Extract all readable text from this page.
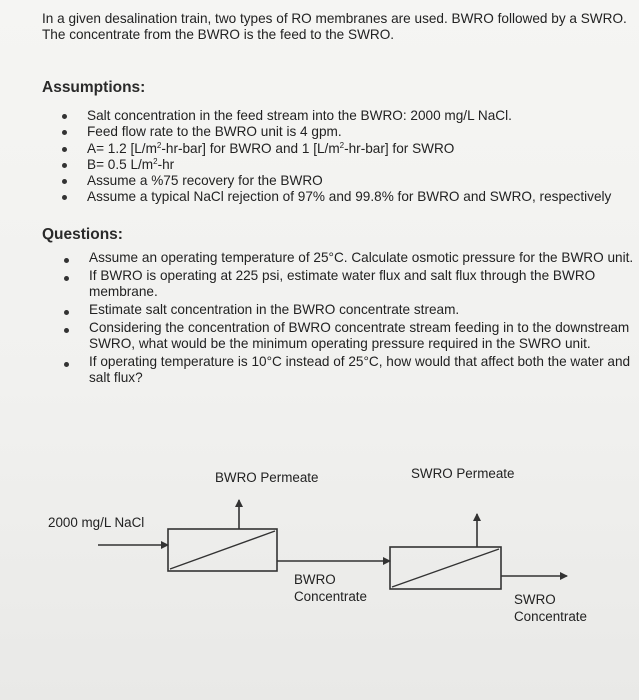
In a given desalination train, two types of RO membranes are used. BWRO followed by a SWRO. The concentrate from the BWRO is the feed to the SWRO.
Assumptions:
Salt concentration in the feed stream into the BWRO: 2000 mg/L NaCl.
Feed flow rate to the BWRO unit is 4 gpm.
A= 1.2 $[L/m^2-hr-bar]$ for BWRO and 1 $[L/m^2-hr-bar]$ for SWRO
B= 0.5 $L/m^2-hr$
Assume a %75 recovery for the BWRO
Assume a typical NaCl rejection of 97% and 99.8% for BWRO and SWRO, respectively
Questions:
Assume an operating temperature of 25°C. Calculate osmotic pressure for the BWRO unit.
If BWRO is operating at 225 psi, estimate water flux and salt flux through the BWRO membrane.
Estimate salt concentration in the BWRO concentrate stream.
Considering the concentration of BWRO concentrate stream feeding in to the downstream SWRO, what would be the minimum operating pressure required in the SWRO unit.
If operating temperature is 10°C instead of 25°C, how would that affect both the water and salt flux?
BWRO Permeate	SWRO Permeate
2000 mg/L NaCl
BWRO
Concentrate	SWRO
Concentrate
